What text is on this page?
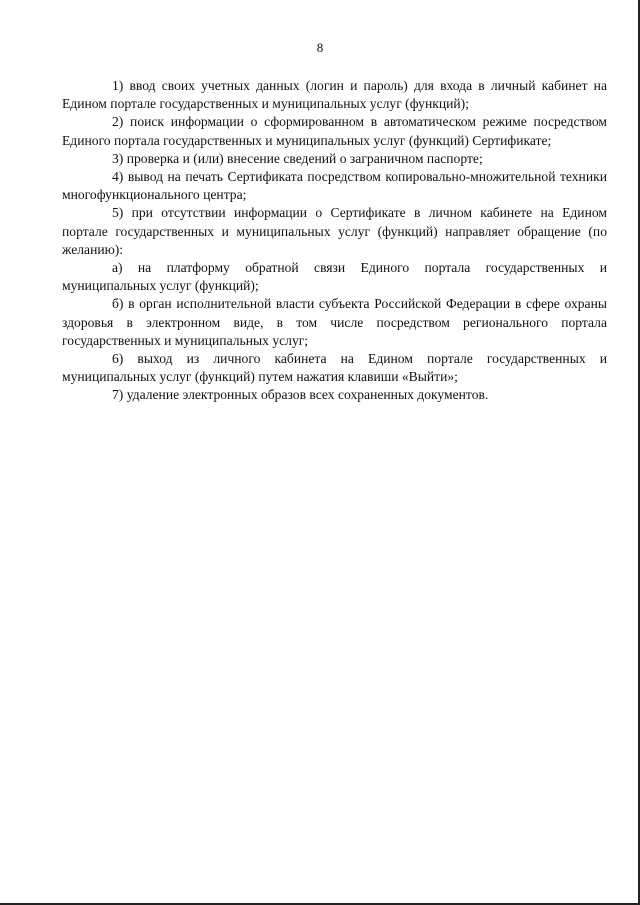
8

1) ввод своих учетных данных (логин и пароль) для входа в личный кабинет на Едином портале государственных и муниципальных услуг (функций);

2) поиск информации о сформированном в автоматическом режиме посредством Единого портала государственных и муниципальных услуг (функций) Сертификате;

3) проверка и (или) внесение сведений о заграничном паспорте;

4) вывод на печать Сертификата посредством копировально-множительной техники многофункционального центра;

5) при отсутствии информации о Сертификате в личном кабинете на Едином портале государственных и муниципальных услуг (функций) направляет обращение (по желанию):

а) на платформу обратной связи Единого портала государственных и муниципальных услуг (функций);

б) в орган исполнительной власти субъекта Российской Федерации в сфере охраны здоровья в электронном виде, в том числе посредством регионального портала государственных и муниципальных услуг;

6) выход из личного кабинета на Едином портале государственных и муниципальных услуг (функций) путем нажатия клавиши «Выйти»;

7) удаление электронных образов всех сохраненных документов.
